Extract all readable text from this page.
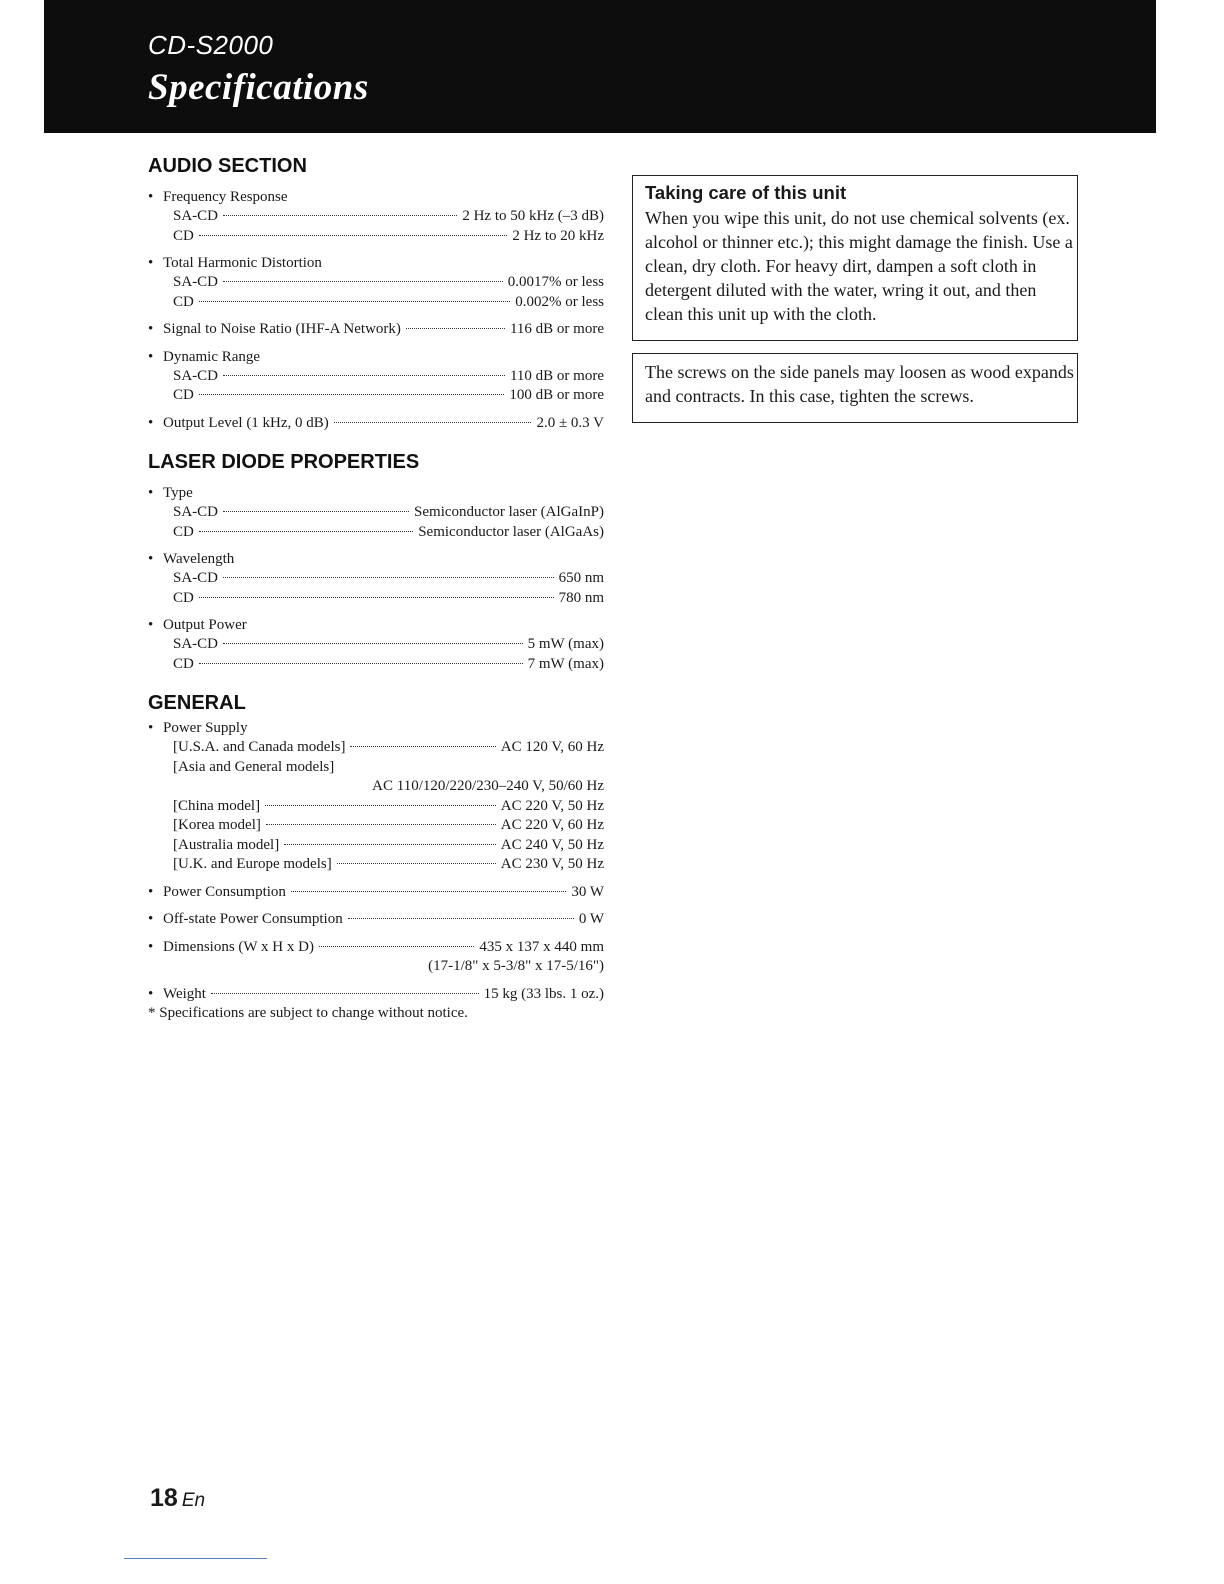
CD-S2000
Specifications
AUDIO SECTION
• Frequency Response
SA-CD	2 Hz to 50 kHz (–3 dB)
CD	2 Hz to 20 kHz
• Total Harmonic Distortion
SA-CD	0.0017% or less
CD	0.002% or less
• Signal to Noise Ratio (IHF-A Network)	116 dB or more
• Dynamic Range
SA-CD	110 dB or more
CD	100 dB or more
• Output Level (1 kHz, 0 dB)	2.0 ± 0.3 V
LASER DIODE PROPERTIES
• Type
SA-CD	Semiconductor laser (AlGaInP)
CD	Semiconductor laser (AlGaAs)
• Wavelength
SA-CD	650 nm
CD	780 nm
• Output Power
SA-CD	5 mW (max)
CD	7 mW (max)
GENERAL
• Power Supply
[U.S.A. and Canada models]	AC 120 V, 60 Hz
[Asia and General models]
AC 110/120/220/230–240 V, 50/60 Hz
[China model]	AC 220 V, 50 Hz
[Korea model]	AC 220 V, 60 Hz
[Australia model]	AC 240 V, 50 Hz
[U.K. and Europe models]	AC 230 V, 50 Hz
• Power Consumption	30 W
• Off-state Power Consumption	0 W
• Dimensions (W x H x D)	435 x 137 x 440 mm
(17-1/8" x 5-3/8" x 17-5/16")
• Weight	15 kg (33 lbs. 1 oz.)
* Specifications are subject to change without notice.
Taking care of this unit
When you wipe this unit, do not use chemical solvents (ex. alcohol or thinner etc.); this might damage the finish. Use a clean, dry cloth. For heavy dirt, dampen a soft cloth in detergent diluted with the water, wring it out, and then clean this unit up with the cloth.
The screws on the side panels may loosen as wood expands and contracts. In this case, tighten the screws.
18 En
